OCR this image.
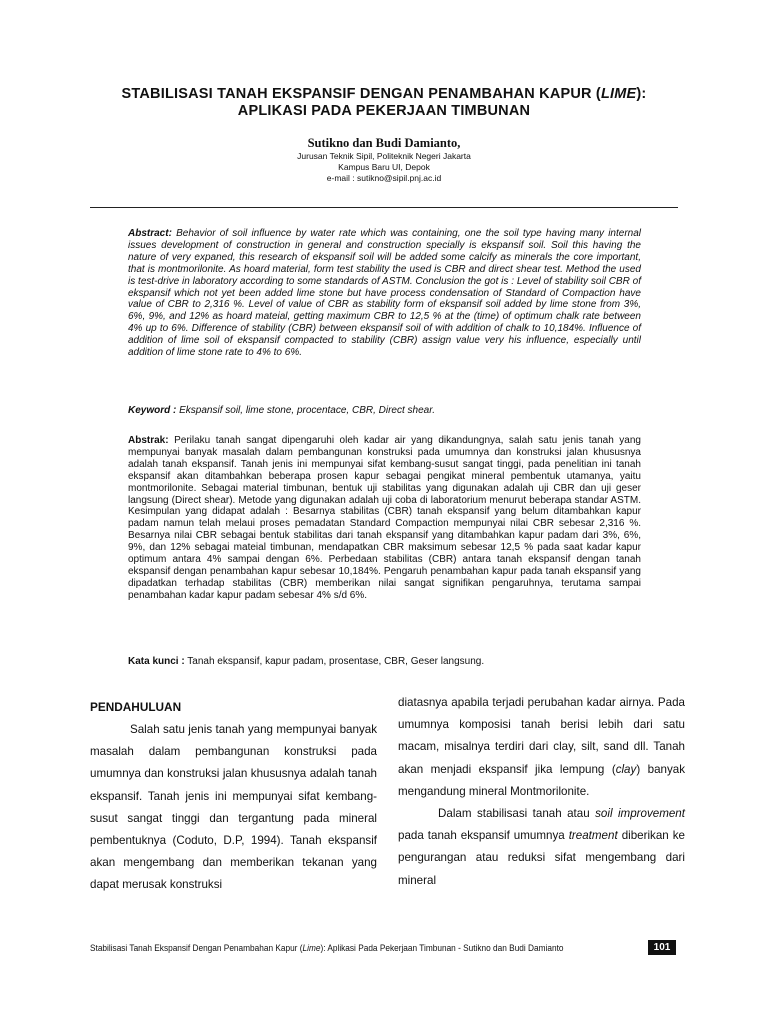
STABILISASI TANAH EKSPANSIF DENGAN PENAMBAHAN KAPUR (LIME):
APLIKASI PADA PEKERJAAN TIMBUNAN
Sutikno dan Budi Damianto,
Jurusan Teknik Sipil, Politeknik Negeri Jakarta
Kampus Baru UI, Depok
e-mail : sutikno@sipil.pnj.ac.id
Abstract: Behavior of soil influence by water rate which was containing, one the soil type having many internal issues development of construction in general and construction specially is ekspansif soil. Soil this having the nature of very expaned, this research of ekspansif soil will be added some calcify as minerals the core important, that is montmorilonite. As hoard material, form test stability the used is CBR and direct shear test. Method the used is test-drive in laboratory according to some standards of ASTM. Conclusion the got is : Level of stability soil CBR of ekspansif which not yet been added lime stone but have process condensation of Standard of Compaction have value of CBR to 2,316 %. Level of value of CBR as stability form of ekspansif soil added by lime stone from 3%, 6%, 9%, and 12% as hoard mateial, getting maximum CBR to 12,5 % at the (time) of optimum chalk rate between 4% up to 6%. Difference of stability (CBR) between ekspansif soil of with addition of chalk to 10,184%. Influence of addition of lime soil of ekspansif compacted to stability (CBR) assign value very his influence, especially until addition of lime stone rate to 4% to 6%.
Keyword : Ekspansif soil, lime stone, procentace, CBR, Direct shear.
Abstrak: Perilaku tanah sangat dipengaruhi oleh kadar air yang dikandungnya, salah satu jenis tanah yang mempunyai banyak masalah dalam pembangunan konstruksi pada umumnya dan konstruksi jalan khususnya adalah tanah ekspansif. Tanah jenis ini mempunyai sifat kembang-susut sangat tinggi, pada penelitian ini tanah ekspansif akan ditambahkan beberapa prosen kapur sebagai pengikat mineral pembentuk utamanya, yaitu montmorilonite. Sebagai material timbunan, bentuk uji stabilitas yang digunakan adalah uji CBR dan uji geser langsung (Direct shear). Metode yang digunakan adalah uji coba di laboratorium menurut beberapa standar ASTM. Kesimpulan yang didapat adalah : Besarnya stabilitas (CBR) tanah ekspansif yang belum ditambahkan kapur padam namun telah melaui proses pemadatan Standard Compaction mempunyai nilai CBR sebesar 2,316 %. Besarnya nilai CBR sebagai bentuk stabilitas dari tanah ekspansif yang ditambahkan kapur padam dari 3%, 6%, 9%, dan 12% sebagai mateial timbunan, mendapatkan CBR maksimum sebesar 12,5 % pada saat kadar kapur optimum antara 4% sampai dengan 6%. Perbedaan stabilitas (CBR) antara tanah ekspansif dengan tanah ekspansif dengan penambahan kapur sebesar 10,184%. Pengaruh penambahan kapur pada tanah ekspansif yang dipadatkan terhadap stabilitas (CBR) memberikan nilai sangat signifikan pengaruhnya, terutama sampai penambahan kadar kapur padam sebesar 4% s/d 6%.
Kata kunci : Tanah ekspansif, kapur padam, prosentase, CBR, Geser langsung.
PENDAHULUAN

Salah satu jenis tanah yang mempunyai banyak masalah dalam pembangunan konstruksi pada umumnya dan konstruksi jalan khususnya adalah tanah ekspansif. Tanah jenis ini mempunyai sifat kembang-susut sangat tinggi dan tergantung pada mineral pembentuknya (Coduto, D.P, 1994). Tanah ekspansif akan mengembang dan memberikan tekanan yang dapat merusak konstruksi

diatasnya apabila terjadi perubahan kadar airnya. Pada umumnya komposisi tanah berisi lebih dari satu macam, misalnya terdiri dari clay, silt, sand dll. Tanah akan menjadi ekspansif jika lempung (clay) banyak mengandung mineral Montmorilonite.

Dalam stabilisasi tanah atau soil improvement pada tanah ekspansif umumnya treatment diberikan ke pengurangan atau reduksi sifat mengembang dari mineral

Stabilisasi Tanah Ekspansif Dengan Penambahan Kapur (Lime): Aplikasi Pada Pekerjaan Timbunan - Sutikno dan Budi Damianto	101
